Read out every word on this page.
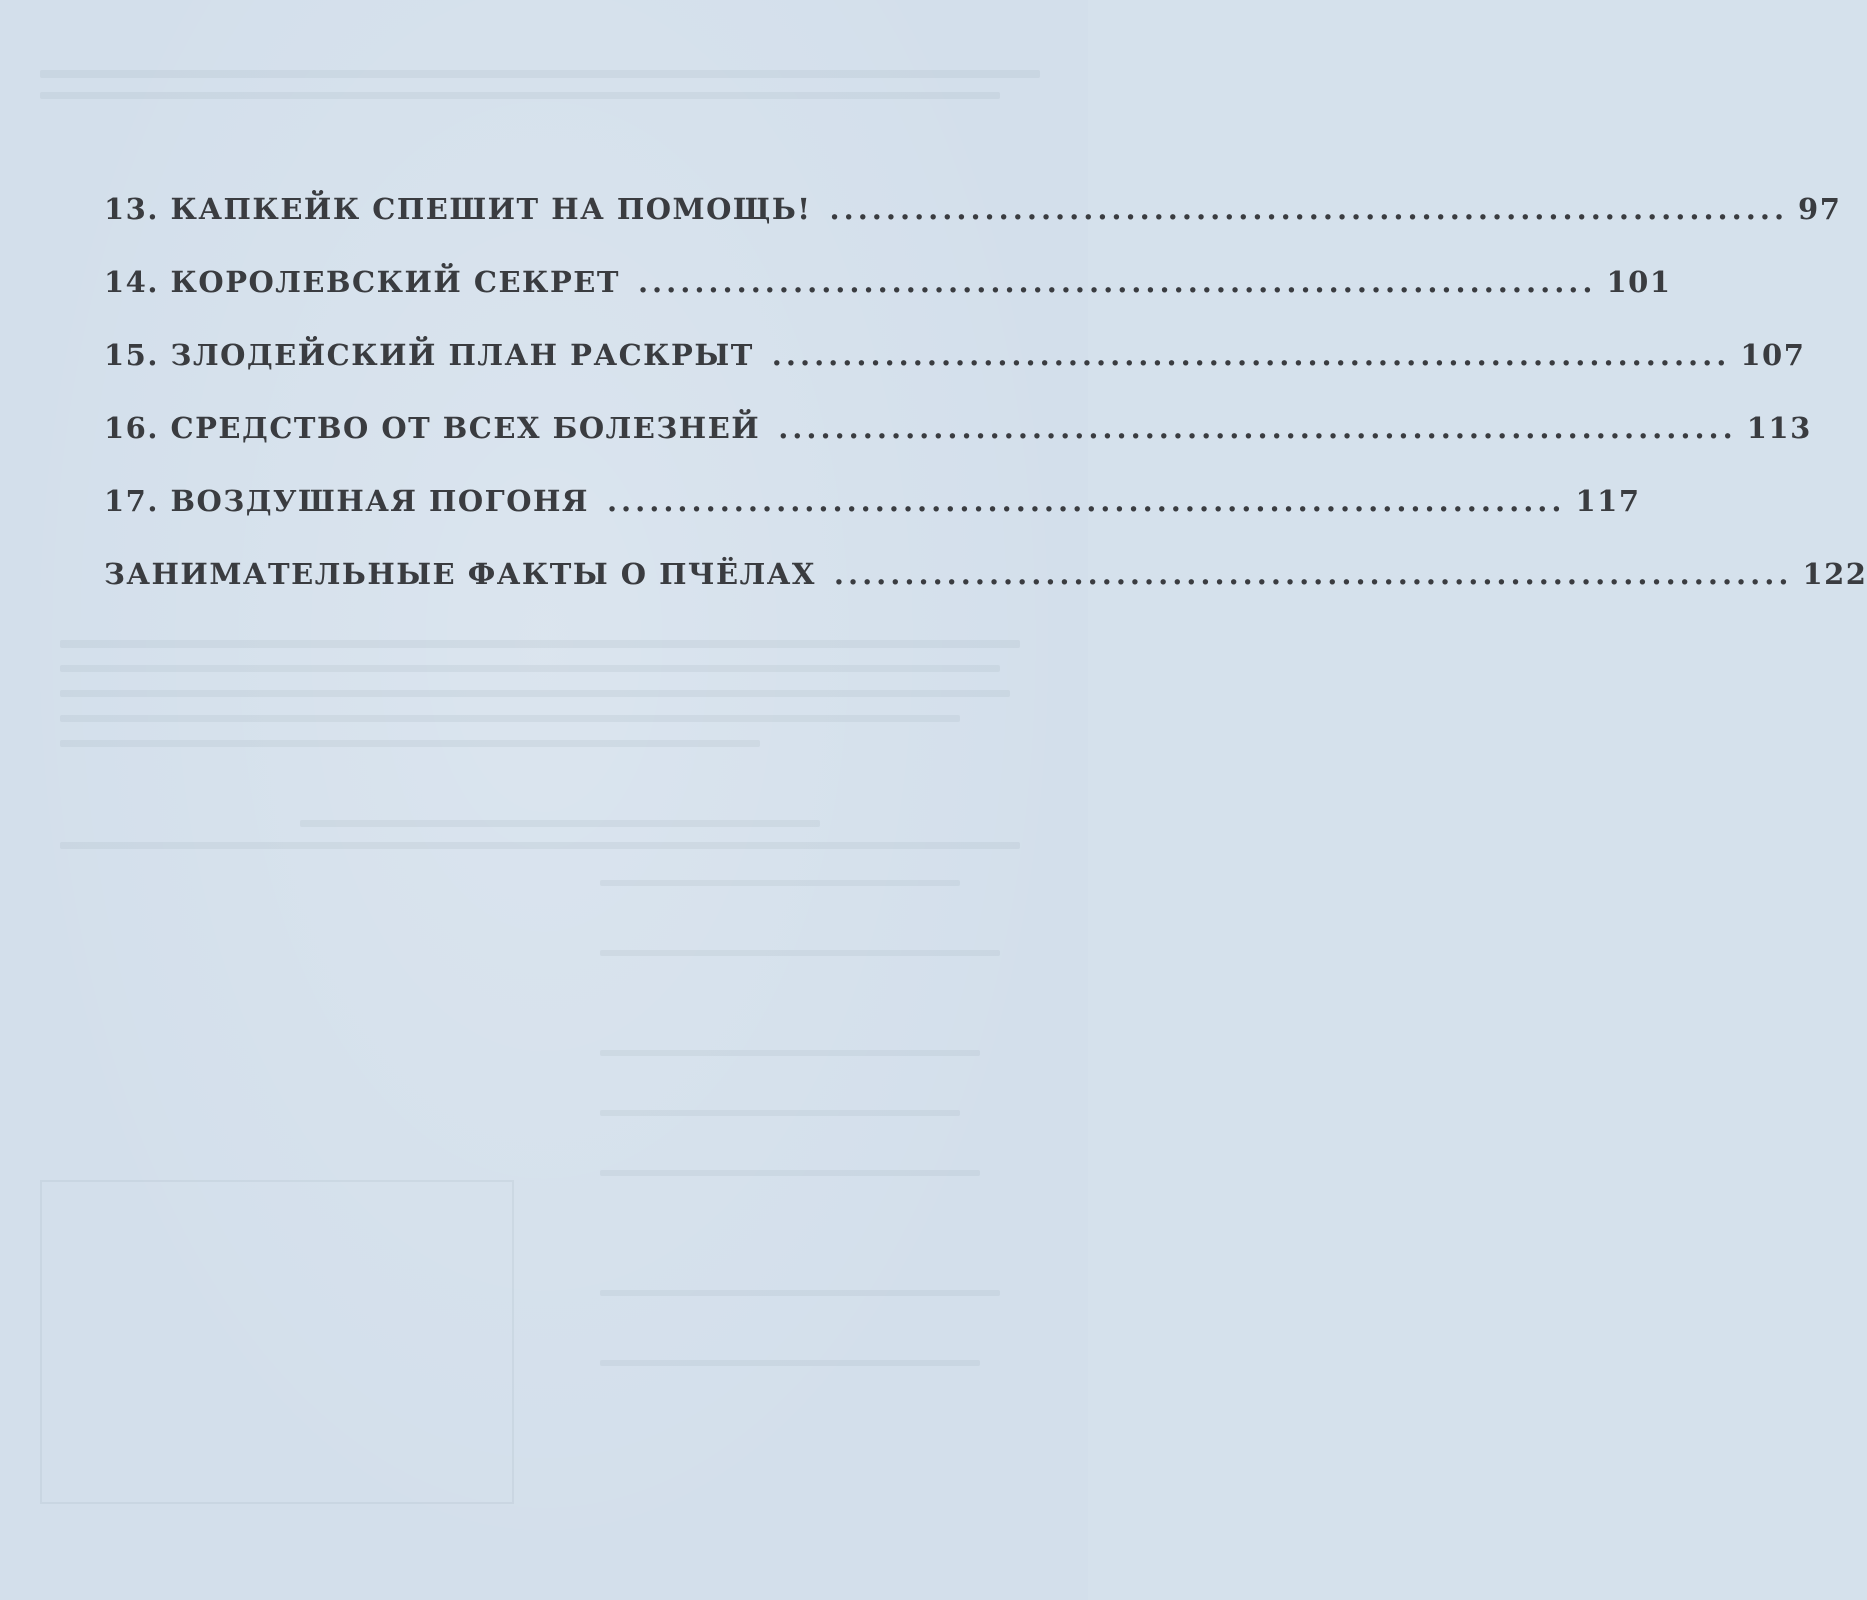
13. КАПКЕЙК СПЕШИТ НА ПОМОЩЬ! .................................................................... 97
14. КОРОЛЕВСКИЙ СЕКРЕТ .................................................................... 101
15. ЗЛОДЕЙСКИЙ ПЛАН РАСКРЫТ .................................................................... 107
16. СРЕДСТВО ОТ ВСЕХ БОЛЕЗНЕЙ .................................................................... 113
17. ВОЗДУШНАЯ ПОГОНЯ .................................................................... 117
ЗАНИМАТЕЛЬНЫЕ ФАКТЫ О ПЧЁЛАХ .................................................................... 122
